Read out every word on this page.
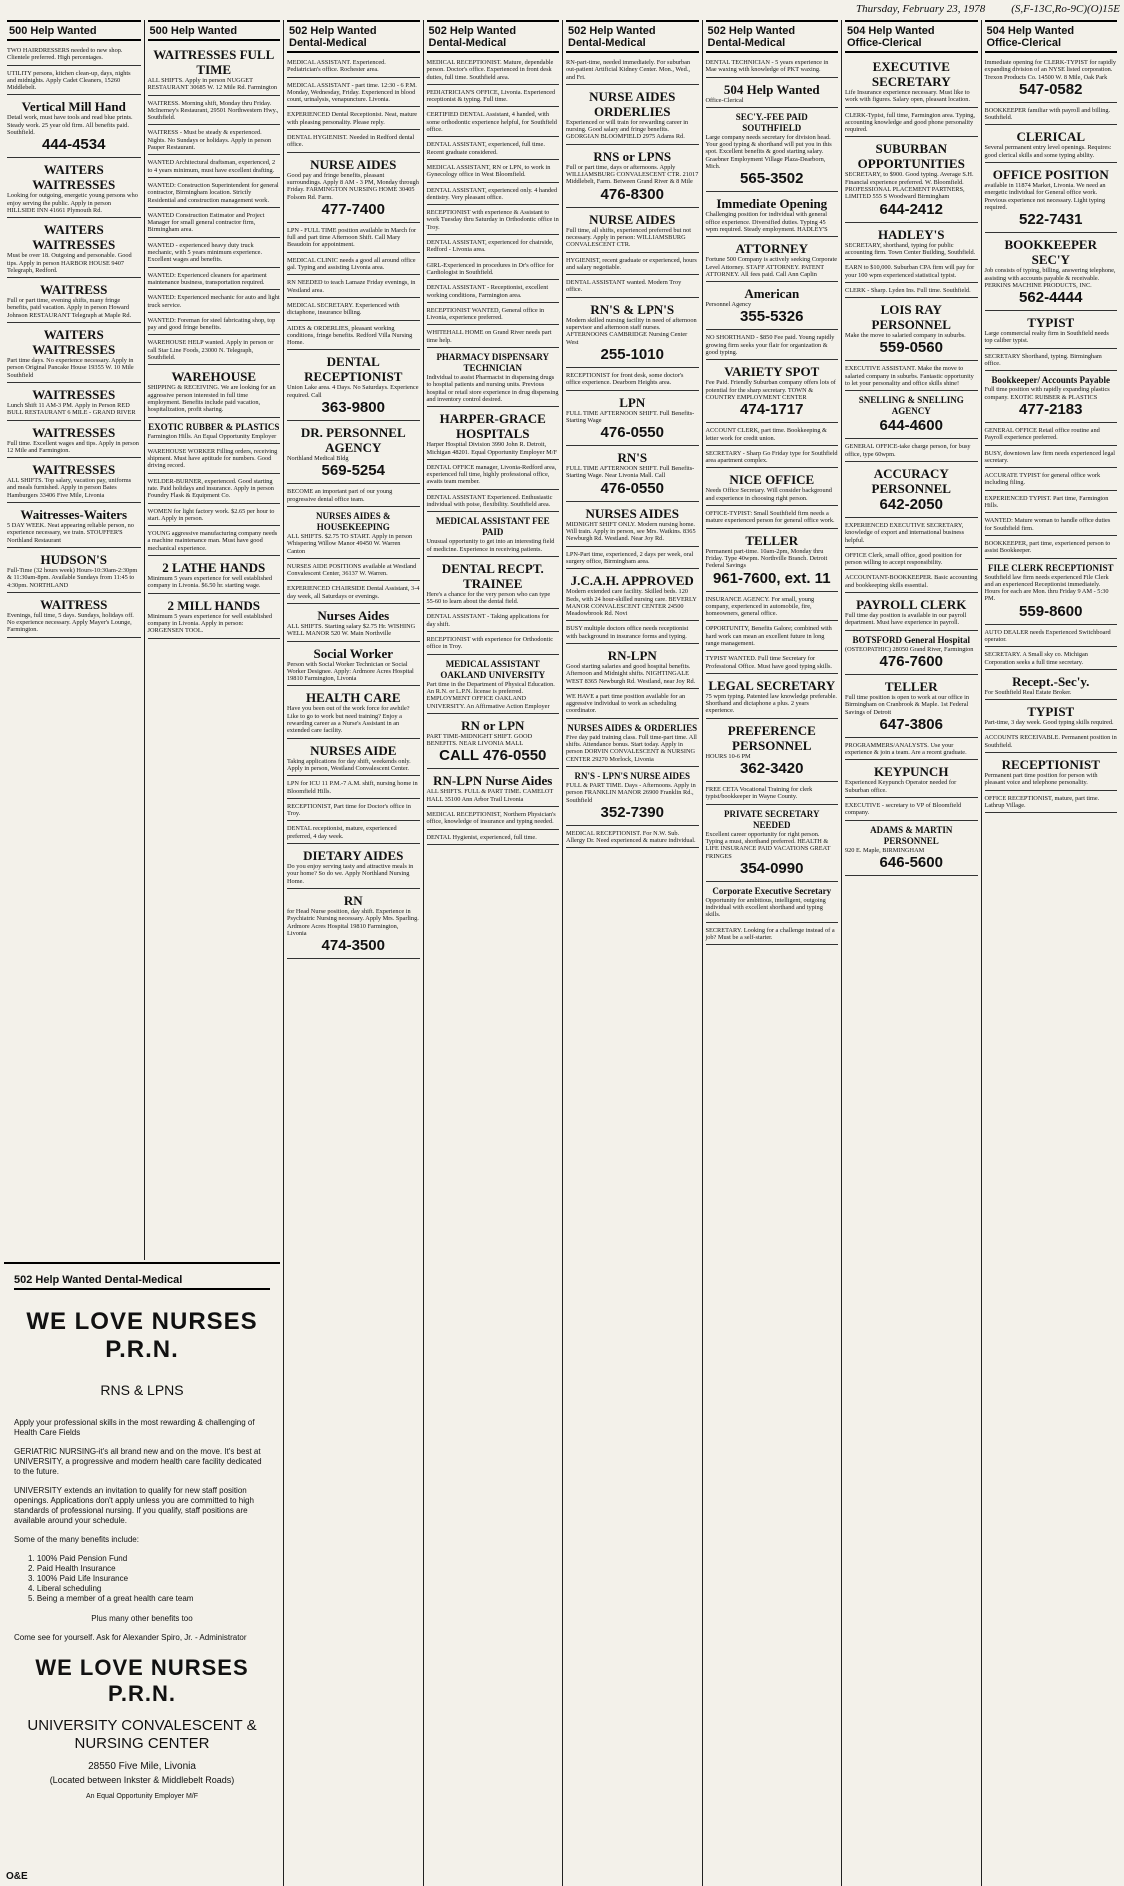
Thursday, February 23, 1978 (S,F-13C,Ro-9C)(O)15E
500 Help Wanted

TWO HAIRDRESSERS needed to new shop. Clientele preferred. High percentages.

UTILITY persons, kitchen clean-up, days, nights and midnights. Apply Cadet Cleaners, 15260 Middlebelt.

Vertical Mill Hand

Detail work, must have tools and read blue prints. Steady work. 25 year old firm. All benefits paid. Southfield.

444-4534
WAITERS WAITRESSES

Looking for outgoing, energetic young persons who enjoy serving the public. Apply in person HILLSIDE INN 41661 Plymouth Rd.

WAITERS WAITRESSES

Must be over 18. Outgoing and personable. Good tips. Apply in person HARBOR HOUSE 9407 Telegraph, Redford.

WAITRESS

Full or part time, evening shifts, many fringe benefits, paid vacation. Apply in person Howard Johnson RESTAURANT Telegraph at Maple Rd.

WAITERS WAITRESSES

Part time days. No experience necessary. Apply in person Original Pancake House 19355 W. 10 Mile Southfield

WAITRESSES

Lunch Shift 11 AM-3 PM. Apply in Person RED BULL RESTAURANT 6 MILE - GRAND RIVER

WAITRESSES

Full time. Excellent wages and tips. Apply in person 12 Mile and Farmington.

WAITRESSES

ALL SHIFTS. Top salary, vacation pay, uniforms and meals furnished. Apply in person Bates Hamburgers 33406 Five Mile, Livonia

Waitresses-Waiters

5 DAY WEEK. Neat appearing reliable person, no experience necessary, we train. STOUFFER'S Northland Restaurant

HUDSON'S

Full-Time (32 hours week) Hours-10:30am-2:30pm & 11:30am-8pm. Available Sundays from 11:45 to 4:30pm. NORTHLAND

WAITRESS

Evenings, full time, 5 days. Sundays, holidays off. No experience necessary. Apply Mayer's Lounge, Farmington.

500 Help Wanted
WAITRESSES FULL TIME

ALL SHIFTS. Apply in person NUGGET RESTAURANT 30685 W. 12 Mile Rd. Farmington

WAITRESS. Morning shift, Monday thru Friday. McInerney's Restaurant, 29501 Northwestern Hwy., Southfield.

WAITRESS - Must be steady & experienced. Nights. No Sundays or holidays. Apply in person Pauper Restaurant.

WANTED Architectural draftsman, experienced, 2 to 4 years minimum, must have excellent drafting.

WANTED: Construction Superintendent for general contractor, Birmingham location. Strictly Residential and construction management work.

WANTED Construction Estimator and Project Manager for small general contractor firm, Birmingham area.

WANTED - experienced heavy duty truck mechanic, with 5 years minimum experience. Excellent wages and benefits.

WANTED: Experienced cleaners for apartment maintenance business, transportation required.

WANTED: Experienced mechanic for auto and light truck service.

WANTED: Foreman for steel fabricating shop, top pay and good fringe benefits.

WAREHOUSE HELP wanted. Apply in person or call Star Line Foods, 23000 N. Telegraph, Southfield.

WAREHOUSE

SHIPPING & RECEIVING. We are looking for an aggressive person interested in full time employment. Benefits include paid vacation, hospitalization, profit sharing.

EXOTIC RUBBER & PLASTICS

Farmington Hills. An Equal Opportunity Employer

WAREHOUSE WORKER Filling orders, receiving shipment. Must have aptitude for numbers. Good driving record.

WELDER-BURNER, experienced. Good starting rate. Paid holidays and insurance. Apply in person Foundry Flask & Equipment Co.

WOMEN for light factory work. $2.65 per hour to start. Apply in person.

YOUNG aggressive manufacturing company needs a machine maintenance man. Must have good mechanical experience.

2 LATHE HANDS

Minimum 5 years experience for well established company in Livonia. $6.50 hr. starting wage.

2 MILL HANDS

Minimum 5 years experience for well established company in Livonia. Apply in person: JORGENSEN TOOL.

502 Help Wanted
Dental-Medical

MEDICAL ASSISTANT. Experienced. Pediatrician's office. Rochester area.

MEDICAL ASSISTANT - part time. 12:30 - 6 P.M. Monday, Wednesday, Friday. Experienced in blood count, urinalysis, venapuncture. Livonia.

EXPERIENCED Dental Receptionist. Neat, mature with pleasing personality. Please reply.

DENTAL HYGIENIST. Needed in Redford dental office.

NURSE AIDES

Good pay and fringe benefits, pleasant surroundings. Apply 8 AM - 3 PM, Monday through Friday. FARMINGTON NURSING HOME 30405 Folsom Rd. Farm.

477-7400

LPN - FULL TIME position available in March for full and part time Afternoon Shift. Call Mary Beaudoin for appointment.

MEDICAL CLINIC needs a good all around office gal. Typing and assisting Livonia area.

RN NEEDED to teach Lamaze Friday evenings, in Westland area.

MEDICAL SECRETARY. Experienced with dictaphone, insurance billing.

AIDES & ORDERLIES, pleasant working conditions, fringe benefits. Redford Villa Nursing Home.

DENTAL RECEPTIONIST

Union Lake area. 4 Days. No Saturdays. Experience required. Call

363-9800
DR. PERSONNEL AGENCY

Northland Medical Bldg

569-5254

BECOME an important part of our young progressive dental office team.

NURSES AIDES & HOUSEKEEPING

ALL SHIFTS. $2.75 TO START. Apply in person Whispering Willow Manor 49450 W. Warren Canton

NURSES AIDE POSITIONS available at Westland Convalescent Center, 36137 W. Warren.

EXPERIENCED CHAIRSIDE Dental Assistant, 3-4 day week, all Saturdays or evenings.

Nurses Aides

ALL SHIFTS. Starting salary $2.75 Hr. WISHING WELL MANOR 520 W. Main Northville

Social Worker

Person with Social Worker Technician or Social Worker Designee. Apply: Ardmore Acres Hospital 19810 Farmington, Livonia

HEALTH CARE

Have you been out of the work force for awhile? Like to go to work but need training? Enjoy a rewarding career as a Nurse's Assistant in an extended care facility.

NURSES AIDE

Taking applications for day shift, weekends only. Apply in person, Westland Convalescent Center.

LPN for ICU 11 P.M.-7 A.M. shift, nursing home in Bloomfield Hills.

RECEPTIONIST, Part time for Doctor's office in Troy.

DENTAL receptionist, mature, experienced preferred, 4 day week.

DIETARY AIDES

Do you enjoy serving tasty and attractive meals in your home? So do we. Apply Northland Nursing Home.

RN

for Head Nurse position, day shift. Experience in Psychiatric Nursing necessary. Apply Mrs. Sparling. Ardmore Acres Hospital 19810 Farmington, Livonia

474-3500
502 Help Wanted
Dental-Medical

MEDICAL RECEPTIONIST. Mature, dependable person. Doctor's office. Experienced in front desk duties, full time. Southfield area.

PEDIATRICIAN'S OFFICE, Livonia. Experienced receptionist & typing. Full time.

CERTIFIED DENTAL Assistant, 4 handed, with some orthodontic experience helpful, for Southfield office.

DENTAL ASSISTANT, experienced, full time. Recent graduate considered.

MEDICAL ASSISTANT, RN or LPN, to work in Gynecology office in West Bloomfield.

DENTAL ASSISTANT, experienced only. 4 handed dentistry. Very pleasant office.

RECEPTIONIST with experience & Assistant to work Tuesday thru Saturday in Orthodontic office in Troy.

DENTAL ASSISTANT, experienced for chairside, Redford - Livonia area.

GIRL-Experienced in procedures in Dr's office for Cardiologist in Southfield.

DENTAL ASSISTANT - Receptionist, excellent working conditions, Farmington area.

RECEPTIONIST WANTED, General office in Livonia, experience preferred.

WHITEHALL HOME on Grand River needs part time help.

PHARMACY DISPENSARY TECHNICIAN

Individual to assist Pharmacist in dispensing drugs to hospital patients and nursing units. Previous hospital or retail store experience in drug dispensing and inventory control desired.

HARPER-GRACE HOSPITALS

Harper Hospital Division 3990 John R. Detroit, Michigan 48201. Equal Opportunity Employer M/F

DENTAL OFFICE manager, Livonia-Redford area, experienced full time, highly professional office, awaits team member.

DENTAL ASSISTANT Experienced. Enthusiastic individual with poise, flexibility. Southfield area.

MEDICAL ASSISTANT FEE PAID

Unusual opportunity to get into an interesting field of medicine. Experience in receiving patients.

DENTAL RECPT. TRAINEE

Here's a chance for the very person who can type 55-60 to learn about the dental field.

DENTAL ASSISTANT - Taking applications for day shift.

RECEPTIONIST with experience for Orthodontic office in Troy.

MEDICAL ASSISTANT OAKLAND UNIVERSITY

Part time in the Department of Physical Education. An R.N. or L.P.N. license is preferred. EMPLOYMENT OFFICE OAKLAND UNIVERSITY. An Affirmative Action Employer

RN or LPN

PART TIME-MIDNIGHT SHIFT. GOOD BENEFITS. NEAR LIVONIA MALL

CALL 476-0550
RN-LPN Nurse Aides

ALL SHIFTS. FULL & PART TIME. CAMELOT HALL 35100 Ann Arbor Trail Livonia

MEDICAL RECEPTIONIST, Northern Physician's office, knowledge of insurance and typing needed.

DENTAL Hygienist, experienced, full time.

502 Help Wanted
Dental-Medical

RN-part-time, needed immediately. For suburban out-patient Artificial Kidney Center. Mon., Wed., and Fri.

NURSE AIDES ORDERLIES

Experienced or will train for rewarding career in nursing. Good salary and fringe benefits. GEORGIAN BLOOMFIELD 2975 Adams Rd.

RNS or LPNS

Full or part time, days or afternoons. Apply WILLIAMSBURG CONVALESCENT CTR. 21017 Middlebelt, Farm. Between Grand River & 8 Mile

476-8300
NURSE AIDES

Full time, all shifts, experienced preferred but not necessary. Apply in person: WILLIAMSBURG CONVALESCENT CTR.

HYGIENIST, recent graduate or experienced, hours and salary negotiable.

DENTAL ASSISTANT wanted. Modern Troy office.

RN'S & LPN'S

Modern skilled nursing facility in need of afternoon supervisor and afternoon staff nurses. AFTERNOONS CAMBRIDGE Nursing Center West

255-1010

RECEPTIONIST for front desk, some doctor's office experience. Dearborn Heights area.

LPN

FULL TIME AFTERNOON SHIFT. Full Benefits-Starting Wage

476-0550
RN'S

FULL TIME AFTERNOON SHIFT. Full Benefits-Starting Wage. Near Livonia Mall. Call

476-0550
NURSES AIDES

MIDNIGHT SHIFT ONLY. Modern nursing home. Will train. Apply in person, see Mrs. Watkins. 8365 Newburgh Rd. Westland. Near Joy Rd.

LPN-Part time, experienced, 2 days per week, oral surgery office, Birmingham area.

J.C.A.H. APPROVED

Modern extended care facility. Skilled beds. 120 Beds, with 24 hour-skilled nursing care. BEVERLY MANOR CONVALESCENT CENTER 24500 Meadowbrook Rd. Novi

BUSY multiple doctors office needs receptionist with background in insurance forms and typing.

RN-LPN

Good starting salaries and good hospital benefits. Afternoon and Midnight shifts. NIGHTINGALE WEST 8365 Newburgh Rd. Westland, near Joy Rd.

WE HAVE a part time position available for an aggressive individual to work as scheduling coordinator.

NURSES AIDES & ORDERLIES

Five day paid training class. Full time-part time. All shifts. Attendance bonus. Start today. Apply in person DORVIN CONVALESCENT & NURSING CENTER 29270 Morlock, Livonia

RN'S - LPN'S NURSE AIDES

FULL & PART TIME. Days - Afternoons. Apply in person FRANKLIN MANOR 26900 Franklin Rd., Southfield

352-7390

MEDICAL RECEPTIONIST. For N.W. Sub. Allergy Dr. Need experienced & mature individual.

502 Help Wanted
Dental-Medical

DENTAL TECHNICIAN - 5 years experience in Mae waxing with knowledge of PKT waxing.

504 Help Wanted

Office-Clerical

SEC'Y.-FEE PAID SOUTHFIELD

Large company needs secretary for division head. Your good typing & shorthand will put you in this spot. Excellent benefits & good starting salary. Graebner Employment Village Plaza-Dearborn, Mich.

565-3502
Immediate Opening

Challenging position for individual with general office experience. Diversified duties. Typing 45 wpm required. Steady employment. HADLEY'S

ATTORNEY

Fortune 500 Company is actively seeking Corporate Level Attorney. STAFF ATTORNEY. PATENT ATTORNEY. All fees paid. Call Ann Caplin

American

Personnel Agency

355-5326

NO SHORTHAND - $850 Fee paid. Young rapidly growing firm seeks your flair for organization & good typing.

VARIETY SPOT

Fee Paid. Friendly Suburban company offers lots of potential for the sharp secretary. TOWN & COUNTRY EMPLOYMENT CENTER

474-1717

ACCOUNT CLERK, part time. Bookkeeping & letter work for credit union.

SECRETARY - Sharp Go Friday type for Southfield area apartment complex.

NICE OFFICE

Needs Office Secretary. Will consider background and experience in choosing right person.

OFFICE-TYPIST: Small Southfield firm needs a mature experienced person for general office work.

TELLER

Permanent part-time. 10am-2pm, Monday thru Friday. Type 40wpm. Northville Branch. Detroit Federal Savings

961-7600, ext. 11

INSURANCE AGENCY. For small, young company, experienced in automobile, fire, homeowners, general office.

OPPORTUNITY, Benefits Galore; combined with hard work can mean an excellent future in long range management.

TYPIST WANTED. Full time Secretary for Professional Office. Must have good typing skills.

LEGAL SECRETARY

75 wpm typing. Patented law knowledge preferable. Shorthand and dictaphone a plus. 2 years experience.

PREFERENCE PERSONNEL

HOURS 10-6 PM

362-3420

FREE CETA Vocational Training for clerk typist/bookkeeper in Wayne County.

PRIVATE SECRETARY NEEDED

Excellent career opportunity for right person. Typing a must, shorthand preferred. HEALTH & LIFE INSURANCE PAID VACATIONS GREAT FRINGES

354-0990
Corporate Executive Secretary

Opportunity for ambitious, intelligent, outgoing individual with excellent shorthand and typing skills.

SECRETARY. Looking for a challenge instead of a job? Must be a self-starter.

504 Help Wanted
Office-Clerical
EXECUTIVE SECRETARY

Life Insurance experience necessary. Must like to work with figures. Salary open, pleasant location.

CLERK-Typist, full time, Farmington area. Typing, accounting knowledge and good phone personality required.

SUBURBAN OPPORTUNITIES

SECRETARY, to $900. Good typing. Average S.H. Financial experience preferred. W. Bloomfield. PROFESSIONAL PLACEMENT PARTNERS, LIMITED 555 S Woodward Birmingham

644-2412
HADLEY'S

SECRETARY, shorthand, typing for public accounting firm. Town Center Building, Southfield.

EARN to $10,000. Suburban CPA firm will pay for your 100 wpm experienced statistical typist.

CLERK - Sharp. Lyden Ins. Full time. Southfield.

LOIS RAY PERSONNEL

Make the move to salaried company in suburbs.

559-0560

EXECUTIVE ASSISTANT. Make the move to salaried company in suburbs. Fantastic opportunity to let your personality and office skills shine!

SNELLING & SNELLING AGENCY
644-4600

GENERAL OFFICE-take charge person, for busy office, type 60wpm.

ACCURACY PERSONNEL
642-2050

EXPERIENCED EXECUTIVE SECRETARY, knowledge of export and international business helpful.

OFFICE Clerk, small office, good position for person willing to accept responsibility.

ACCOUNTANT-BOOKKEEPER. Basic accounting and bookkeeping skills essential.

PAYROLL CLERK

Full time day position is available in our payroll department. Must have experience in payroll.

BOTSFORD General Hospital

(OSTEOPATHIC) 28050 Grand River, Farmington

476-7600
TELLER

Full time position is open to work at our office in Birmingham on Cranbrook & Maple. 1st Federal Savings of Detroit

647-3806

PROGRAMMERS/ANALYSTS. Use your experience & join a team. Are a recent graduate.

KEYPUNCH

Experienced Keypunch Operator needed for Suburban office.

EXECUTIVE - secretary to VP of Bloomfield company.

ADAMS & MARTIN PERSONNEL

920 E. Maple, BIRMINGHAM

646-5600
504 Help Wanted
Office-Clerical

Immediate opening for CLERK-TYPIST for rapidly expanding division of an NYSE listed corporation. Trexon Products Co. 14500 W. 8 Mile, Oak Park

547-0582

BOOKKEEPER familiar with payroll and billing. Southfield.

CLERICAL

Several permanent entry level openings. Requires: good clerical skills and some typing ability.

OFFICE POSITION

available in 11874 Market, Livonia. We need an energetic individual for General office work. Previous experience not necessary. Light typing required.

522-7431
BOOKKEEPER SEC'Y

Job consists of typing, billing, answering telephone, assisting with accounts payable & receivable. PERKINS MACHINE PRODUCTS, INC.

562-4444
TYPIST

Large commercial realty firm in Southfield needs top caliber typist.

SECRETARY Shorthand, typing. Birmingham office.

Bookkeeper/ Accounts Payable

Full time position with rapidly expanding plastics company. EXOTIC RUBBER & PLASTICS

477-2183

GENERAL OFFICE Retail office routine and Payroll experience preferred.

BUSY, downtown law firm needs experienced legal secretary.

ACCURATE TYPIST for general office work including filing.

EXPERIENCED TYPIST. Part time, Farmington Hills.

WANTED: Mature woman to handle office duties for Southfield firm.

BOOKKEEPER, part time, experienced person to assist Bookkeeper.

FILE CLERK RECEPTIONIST

Southfield law firm needs experienced File Clerk and an experienced Receptionist immediately. Hours for each are Mon. thru Friday 9 AM - 5:30 PM.

559-8600

AUTO DEALER needs Experienced Switchboard operator.

SECRETARY. A Small sky co. Michigan Corporation seeks a full time secretary.

Recept.-Sec'y.

For Southfield Real Estate Broker.

TYPIST

Part-time, 3 day week. Good typing skills required.

ACCOUNTS RECEIVABLE. Permanent position in Southfield.

RECEPTIONIST

Permanent part time position for person with pleasant voice and telephone personality.

OFFICE RECEPTIONIST, mature, part time. Lathrup Village.

502 Help Wanted Dental-Medical
WE LOVE NURSES P.R.N.
RNS & LPNS

Apply your professional skills in the most rewarding & challenging of Health Care Fields

GERIATRIC NURSING-it's all brand new and on the move. It's best at UNIVERSITY, a progressive and modern health care facility dedicated to the future.

UNIVERSITY extends an invitation to qualify for new staff position openings. Applications don't apply unless you are committed to high standards of professional nursing. If you qualify, staff positions are available around your schedule.

Some of the many benefits include:

1. 100% Paid Pension Fund
2. Paid Health Insurance
3. 100% Paid Life Insurance
4. Liberal scheduling
5. Being a member of a great health care team

Plus many other benefits too

Come see for yourself. Ask for Alexander Spiro, Jr. - Administrator

WE LOVE NURSES P.R.N.
UNIVERSITY CONVALESCENT & NURSING CENTER
28550 Five Mile, Livonia
(Located between Inkster & Middlebelt Roads)
An Equal Opportunity Employer M/F
O&E
